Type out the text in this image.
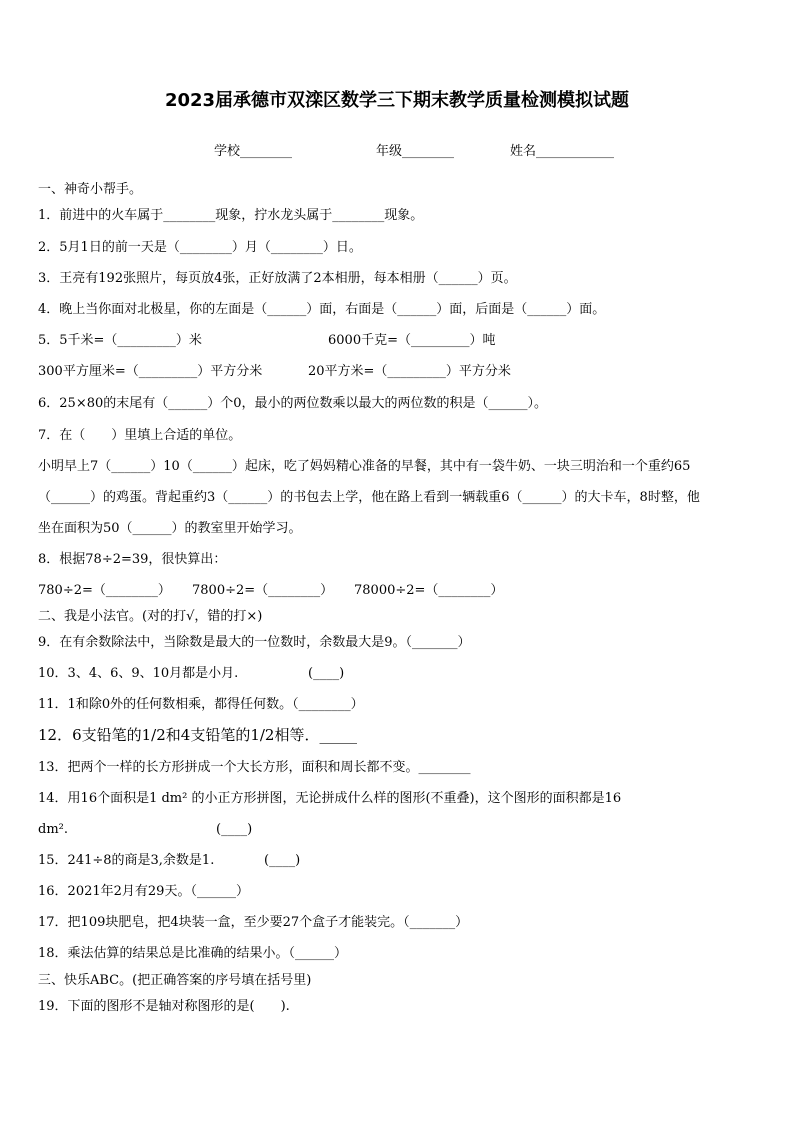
2023届承德市双滦区数学三下期末教学质量检测模拟试题
学校________	年级________	姓名____________
一、神奇小帮手。
1．前进中的火车属于________现象，拧水龙头属于________现象。
2．5月1日的前一天是（________）月（________）日。
3．王亮有192张照片，每页放4张，正好放满了2本相册，每本相册（______）页。
4．晚上当你面对北极星，你的左面是（______）面，右面是（______）面，后面是（______）面。
5．5千米=（_________）米	6000千克=（_________）吨
300平方厘米=（_________）平方分米	20平方米=（_________）平方分米
6．25×80的末尾有（______）个0，最小的两位数乘以最大的两位数的积是（______）。
7．在（　　）里填上合适的单位。
小明早上7（______）10（______）起床，吃了妈妈精心准备的早餐，其中有一袋牛奶、一块三明治和一个重约65
（______）的鸡蛋。背起重约3（______）的书包去上学，他在路上看到一辆载重6（______）的大卡车，8时整，他
坐在面积为50（______）的教室里开始学习。
8．根据78÷2=39，很快算出：
780÷2=（________） 7800÷2=（________） 78000÷2=（________）
二、我是小法官。(对的打√，错的打×)
9．在有余数除法中，当除数是最大的一位数时，余数最大是9。（_______）
10．3、4、6、9、10月都是小月.	(____)
11．1和除0外的任何数相乘，都得任何数。（________）
12．6支铅笔的1/2和4支铅笔的1/2相等．_____
13．把两个一样的长方形拼成一个大长方形，面积和周长都不变。________
14．用16个面积是1 dm² 的小正方形拼图，无论拼成什么样的图形(不重叠)，这个图形的面积都是16
dm².	(____)
15．241÷8的商是3,余数是1.	(____)
16．2021年2月有29天。（______）
17．把109块肥皂，把4块装一盒，至少要27个盒子才能装完。（_______）
18．乘法估算的结果总是比准确的结果小。（______）
三、快乐ABC。(把正确答案的序号填在括号里)
19．下面的图形不是轴对称图形的是(　　).
